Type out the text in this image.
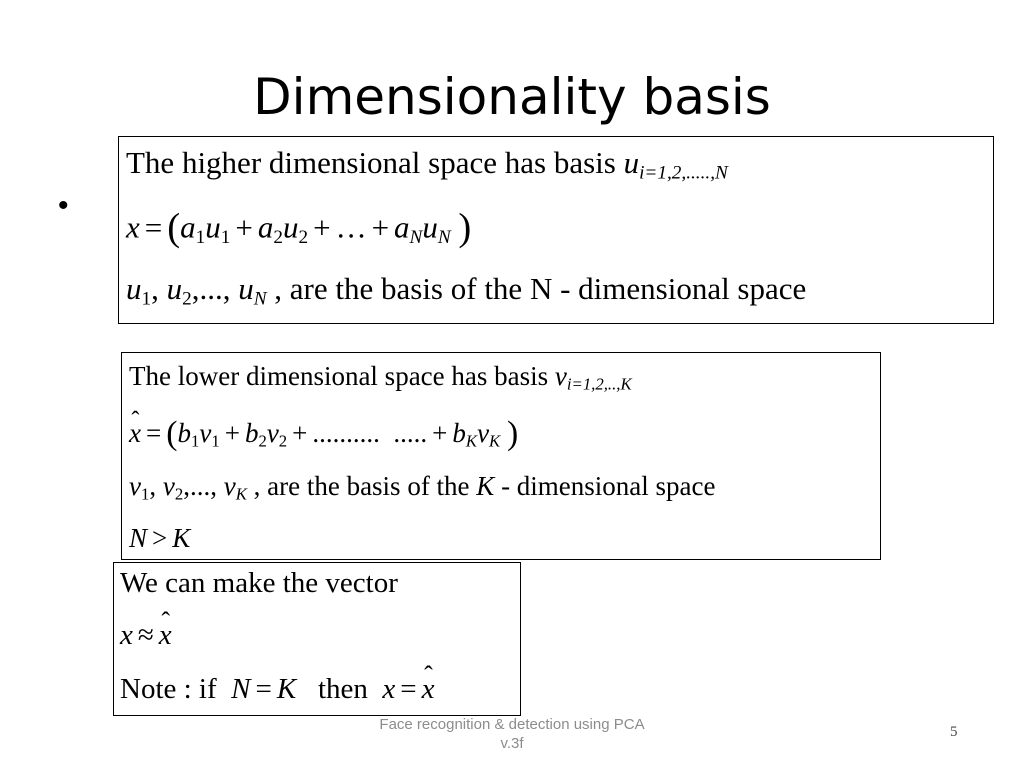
Dimensionality basis
•
The higher dimensional space has basis $u_{i=1,2,.....,N}$
$x = (a_1u_1 + a_2u_2$ + … + $a_Nu_N$ )
$u_1$, $u_2$,..., $u_N$ , are the basis of the N - dimensional space
The lower dimensional space has basis $v_{i=1,2,..,K}$
x ˆ = ($b_1v_1 + b_2v_2$ + ..........  ..... + $b_Kv_K$ )
$v_1$, $v_2$,..., $v_K$ , are the basis of the K - dimensional space
N > K
We can make the vector
x ≈ x ˆ
Note : if N = K then x = x ˆ
Face recognition & detection using PCA
v.3f
5
